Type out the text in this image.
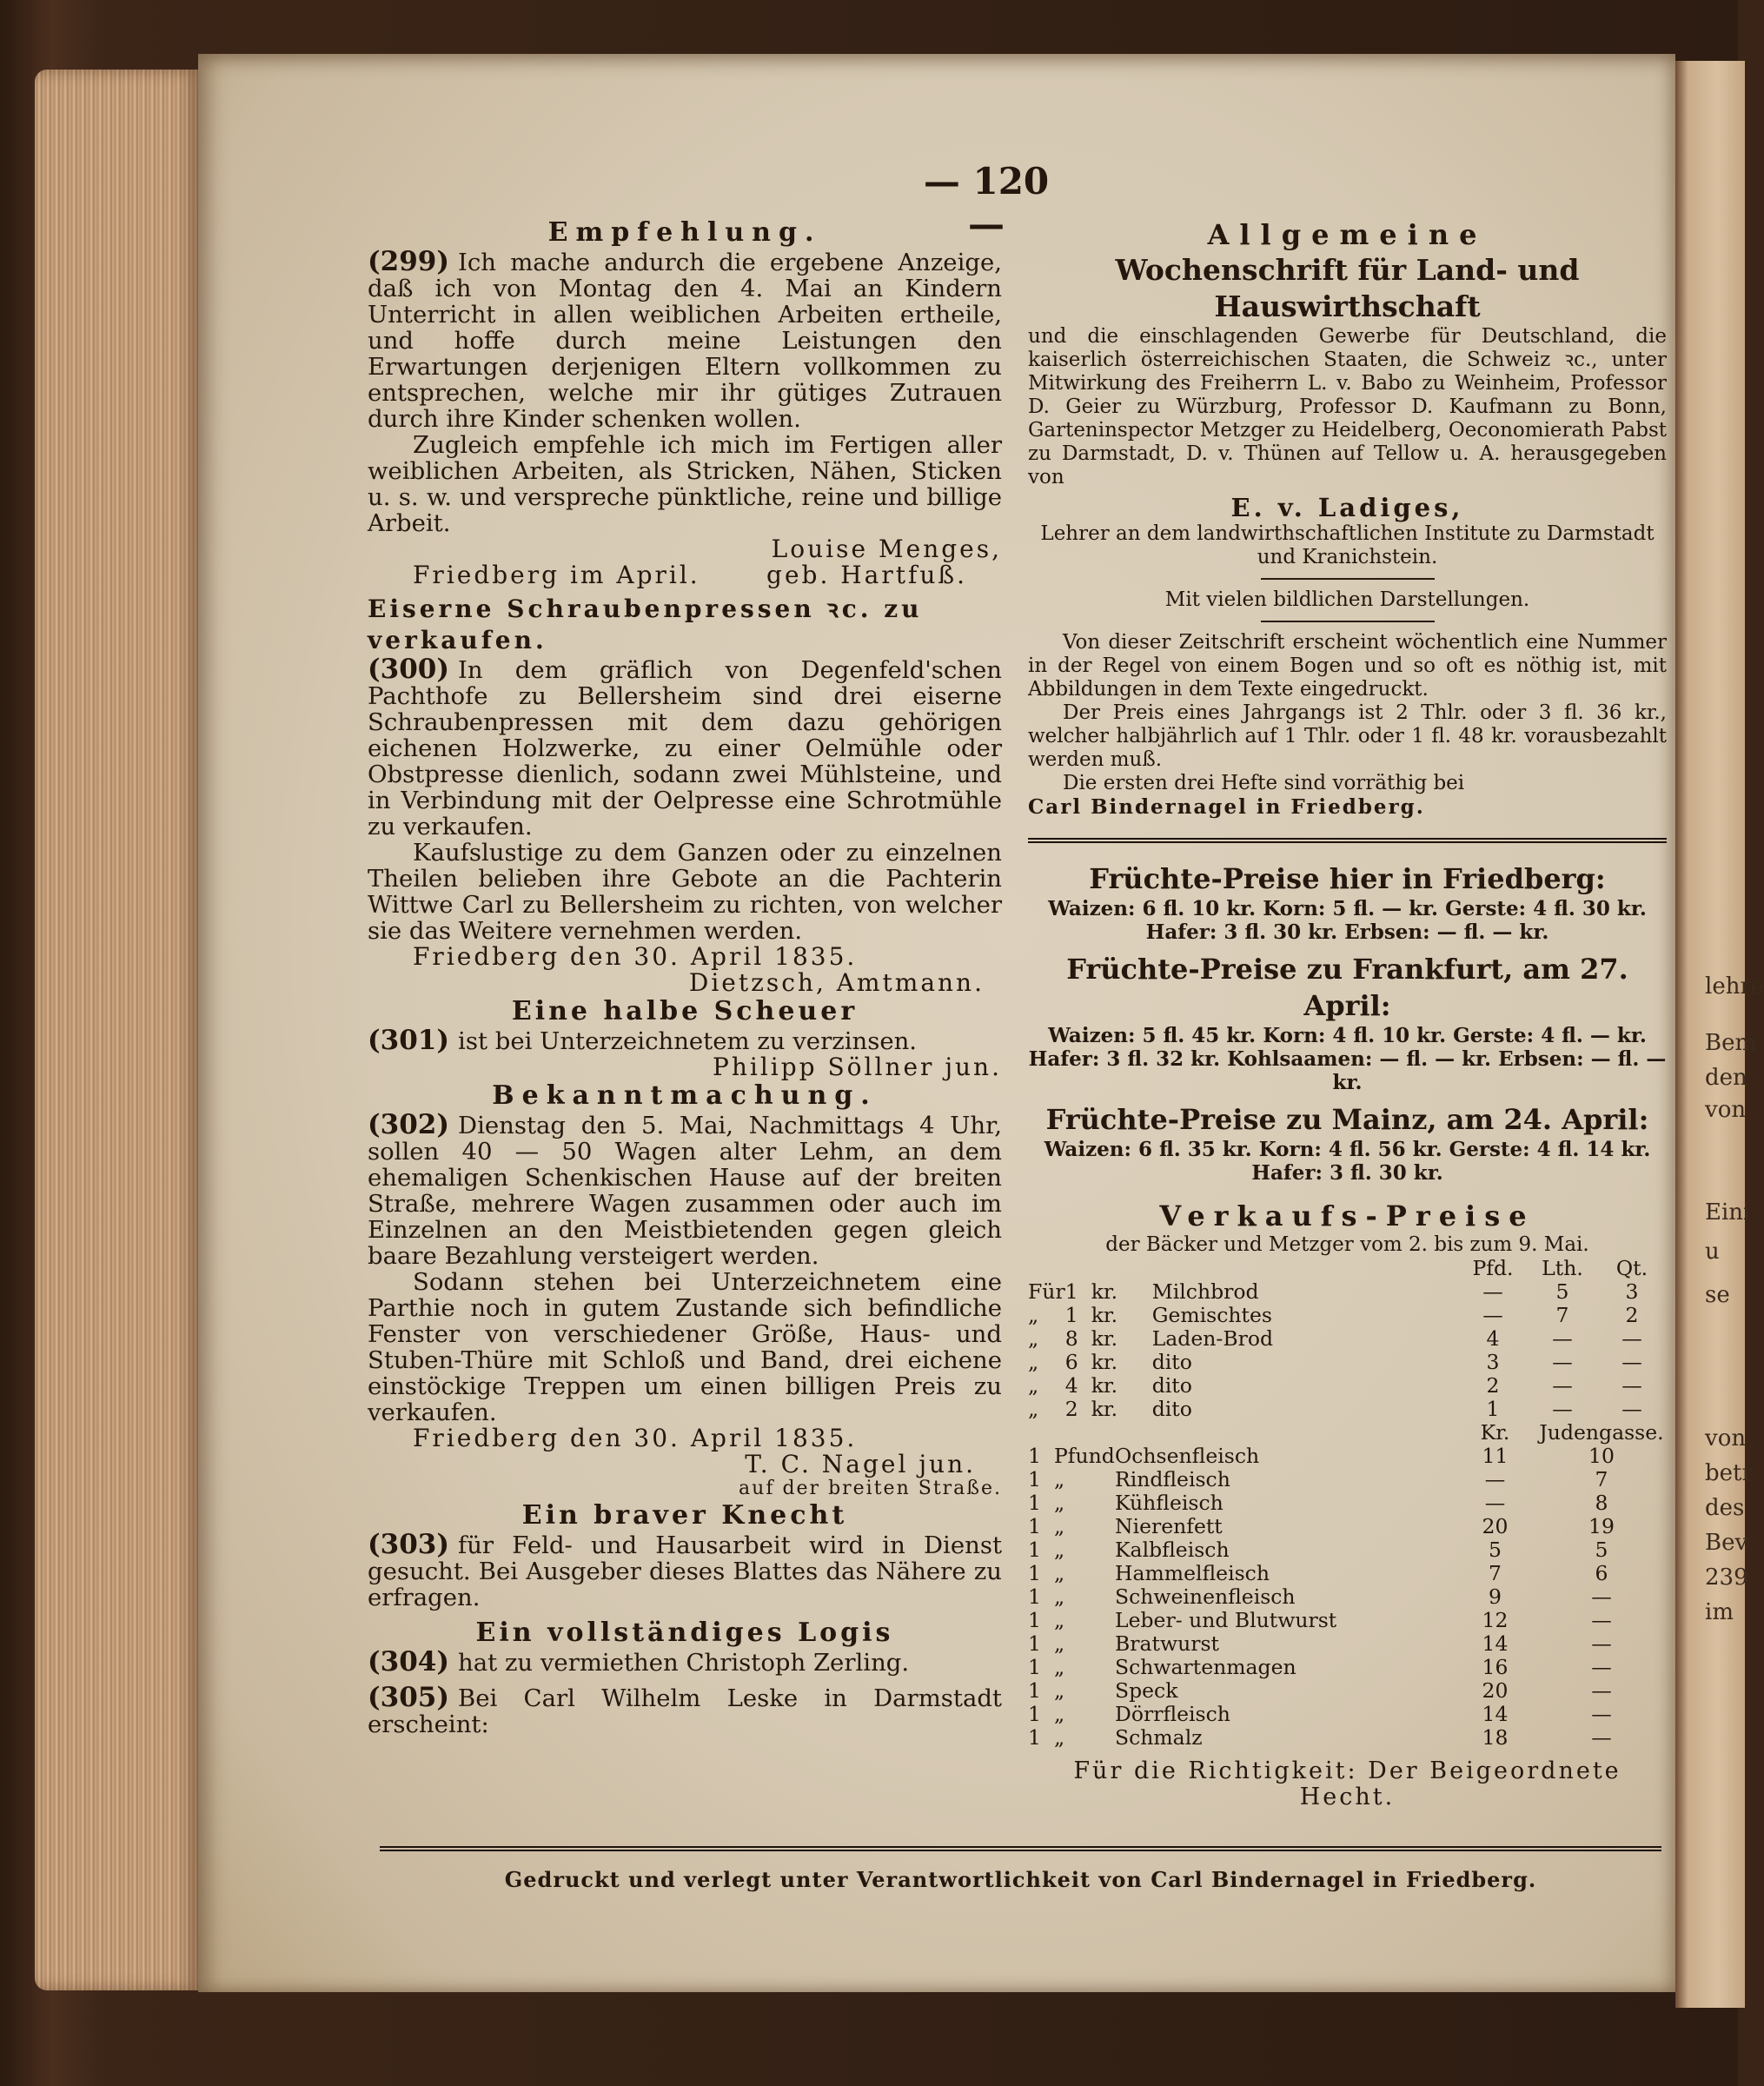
lehre
Bem
den
von
Eini
u
se
von
betr
des
Bev
239
im
— 120 —

Empfehlung.

(299) Ich mache andurch die ergebene Anzeige, daß ich von Montag den 4. Mai an Kindern Unterricht in allen weiblichen Arbeiten ertheile, und hoffe durch meine Leistungen den Erwartungen derjenigen Eltern vollkommen zu entsprechen, welche mir ihr gütiges Zutrauen durch ihre Kinder schenken wollen.

Zugleich empfehle ich mich im Fertigen aller weiblichen Arbeiten, als Stricken, Nähen, Sticken u. s. w. und verspreche pünktliche, reine und billige Arbeit.

Louise Menges,

Friedberg im April.	geb. Hartfuß.

Eiserne Schraubenpressen ꝛc. zu verkaufen.

(300) In dem gräflich von Degenfeld'schen Pachthofe zu Bellersheim sind drei eiserne Schraubenpressen mit dem dazu gehörigen eichenen Holzwerke, zu einer Oelmühle oder Obstpresse dienlich, sodann zwei Mühlsteine, und in Verbindung mit der Oelpresse eine Schrotmühle zu verkaufen.

Kaufslustige zu dem Ganzen oder zu einzelnen Theilen belieben ihre Gebote an die Pachterin Wittwe Carl zu Bellersheim zu richten, von welcher sie das Weitere vernehmen werden.

Friedberg den 30. April 1835.

Dietzsch, Amtmann.

Eine halbe Scheuer

(301) ist bei Unterzeichnetem zu verzinsen.

Philipp Söllner jun.

Bekanntmachung.

(302) Dienstag den 5. Mai, Nachmittags 4 Uhr, sollen 40 — 50 Wagen alter Lehm, an dem ehemaligen Schenkischen Hause auf der breiten Straße, mehrere Wagen zusammen oder auch im Einzelnen an den Meistbietenden gegen gleich baare Bezahlung versteigert werden.

Sodann stehen bei Unterzeichnetem eine Parthie noch in gutem Zustande sich befindliche Fenster von verschiedener Größe, Haus- und Stuben-Thüre mit Schloß und Band, drei eichene einstöckige Treppen um einen billigen Preis zu verkaufen.

Friedberg den 30. April 1835.

T. C. Nagel jun.

auf der breiten Straße.

Ein braver Knecht

(303) für Feld- und Hausarbeit wird in Dienst gesucht. Bei Ausgeber dieses Blattes das Nähere zu erfragen.

Ein vollständiges Logis

(304) hat zu vermiethen Christoph Zerling.

(305) Bei Carl Wilhelm Leske in Darmstadt erscheint:

Allgemeine

Wochenschrift für Land- und Hauswirthschaft

und die einschlagenden Gewerbe für Deutschland, die kaiserlich österreichischen Staaten, die Schweiz ꝛc., unter Mitwirkung des Freiherrn L. v. Babo zu Weinheim, Professor D. Geier zu Würzburg, Professor D. Kaufmann zu Bonn, Garteninspector Metzger zu Heidelberg, Oeconomierath Pabst zu Darmstadt, D. v. Thünen auf Tellow u. A. herausgegeben von

E. v. Ladiges,

Lehrer an dem landwirthschaftlichen Institute zu Darmstadt und Kranichstein.

Mit vielen bildlichen Darstellungen.

Von dieser Zeitschrift erscheint wöchentlich eine Nummer in der Regel von einem Bogen und so oft es nöthig ist, mit Abbildungen in dem Texte eingedruckt.

Der Preis eines Jahrgangs ist 2 Thlr. oder 3 fl. 36 kr., welcher halbjährlich auf 1 Thlr. oder 1 fl. 48 kr. vorausbezahlt werden muß.

Die ersten drei Hefte sind vorräthig bei

Carl Bindernagel in Friedberg.

Früchte-Preise hier in Friedberg:

Waizen: 6 fl. 10 kr. Korn: 5 fl. — kr. Gerste: 4 fl. 30 kr.

Hafer: 3 fl. 30 kr. Erbsen: — fl. — kr.

Früchte-Preise zu Frankfurt, am 27. April:

Waizen: 5 fl. 45 kr. Korn: 4 fl. 10 kr. Gerste: 4 fl. — kr.

Hafer: 3 fl. 32 kr. Kohlsaamen: — fl. — kr. Erbsen: — fl. — kr.

Früchte-Preise zu Mainz, am 24. April:

Waizen: 6 fl. 35 kr. Korn: 4 fl. 56 kr. Gerste: 4 fl. 14 kr.

Hafer: 3 fl. 30 kr.

Verkaufs-Preise

der Bäcker und Metzger vom 2. bis zum 9. Mai.

				Pfd.	Lth.	Qt.
Für	1	kr.	Milchbrod	—	5	3
„	1	kr.	Gemischtes	—	7	2
„	8	kr.	Laden-Brod	4	—	—
„	6	kr.	dito	3	—	—
„	4	kr.	dito	2	—	—
„	2	kr.	dito	1	—	—
			Kr.	Judengasse.
1	Pfund	Ochsenfleisch	11	10
1	„	Rindfleisch	—	7
1	„	Kühfleisch	—	8
1	„	Nierenfett	20	19
1	„	Kalbfleisch	5	5
1	„	Hammelfleisch	7	6
1	„	Schweinenfleisch	9	—
1	„	Leber- und Blutwurst	12	—
1	„	Bratwurst	14	—
1	„	Schwartenmagen	16	—
1	„	Speck	20	—
1	„	Dörrfleisch	14	—
1	„	Schmalz	18	—

Für die Richtigkeit: Der Beigeordnete Hecht.

Gedruckt und verlegt unter Verantwortlichkeit von Carl Bindernagel in Friedberg.
